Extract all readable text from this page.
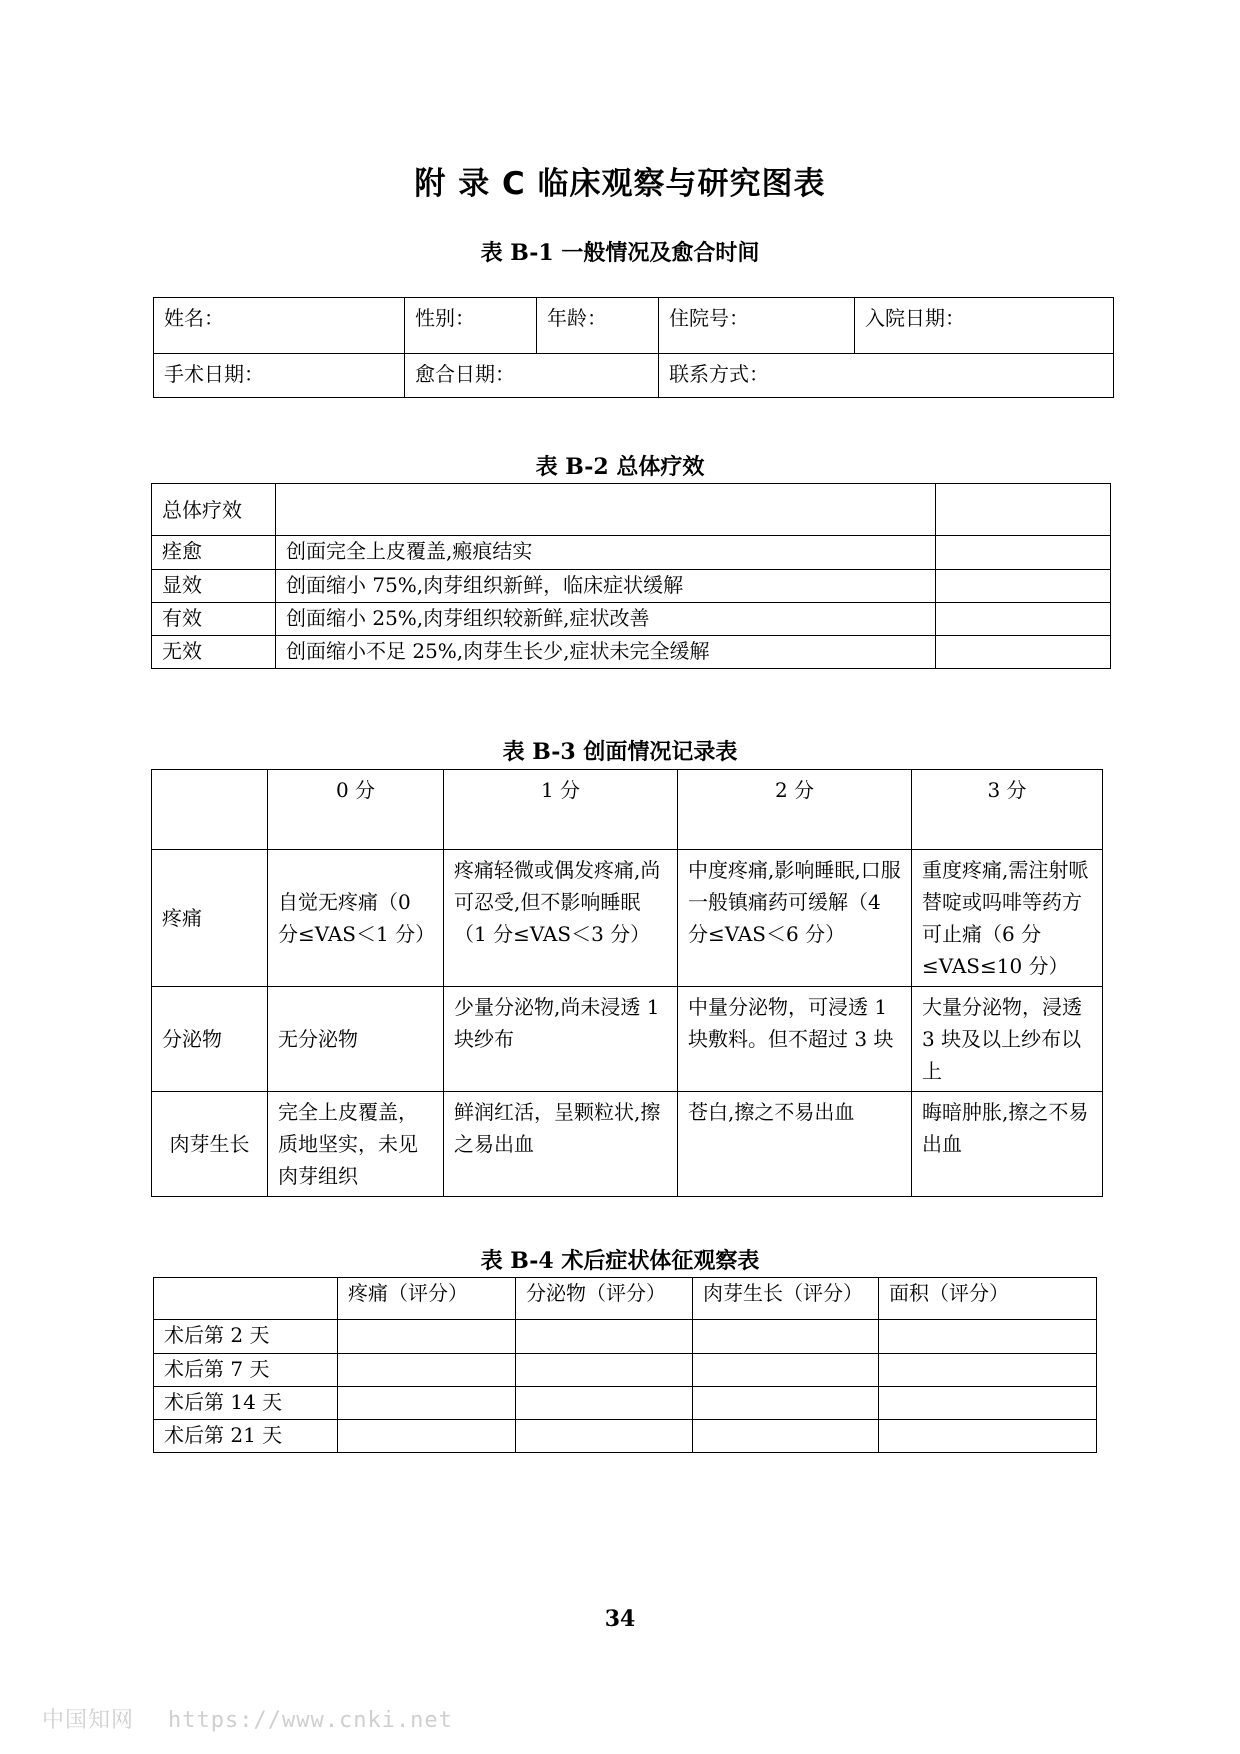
附 录 C 临床观察与研究图表
表 B-1 一般情况及愈合时间
姓名：	性别：	年龄：	住院号：	入院日期：
手术日期：	愈合日期：		联系方式：	
表 B-2 总体疗效
总体疗效		
痊愈	创面完全上皮覆盖,瘢痕结实	
显效	创面缩小 75%,肉芽组织新鲜，临床症状缓解	
有效	创面缩小 25%,肉芽组织较新鲜,症状改善	
无效	创面缩小不足 25%,肉芽生长少,症状未完全缓解	
表 B-3 创面情况记录表
	0 分	1 分	2 分	3 分
疼痛	自觉无疼痛（0 分≤VAS＜1 分）	疼痛轻微或偶发疼痛,尚可忍受,但不影响睡眠（1 分≤VAS＜3 分）	中度疼痛,影响睡眠,口服一般镇痛药可缓解（4 分≤VAS＜6 分）	重度疼痛,需注射哌替啶或吗啡等药方可止痛（6 分≤VAS≤10 分）
分泌物	无分泌物	少量分泌物,尚未浸透 1 块纱布	中量分泌物，可浸透 1 块敷料。但不超过 3 块	大量分泌物，浸透 3 块及以上纱布以上
肉芽生长	完全上皮覆盖，质地坚实，未见肉芽组织	鲜润红活，呈颗粒状,擦之易出血	苍白,擦之不易出血	晦暗肿胀,擦之不易出血
表 B-4 术后症状体征观察表
	疼痛（评分）	分泌物（评分）	肉芽生长（评分）	面积（评分）
术后第 2 天				
术后第 7 天				
术后第 14 天				
术后第 21 天				
34
中国知网 https://www.cnki.net
